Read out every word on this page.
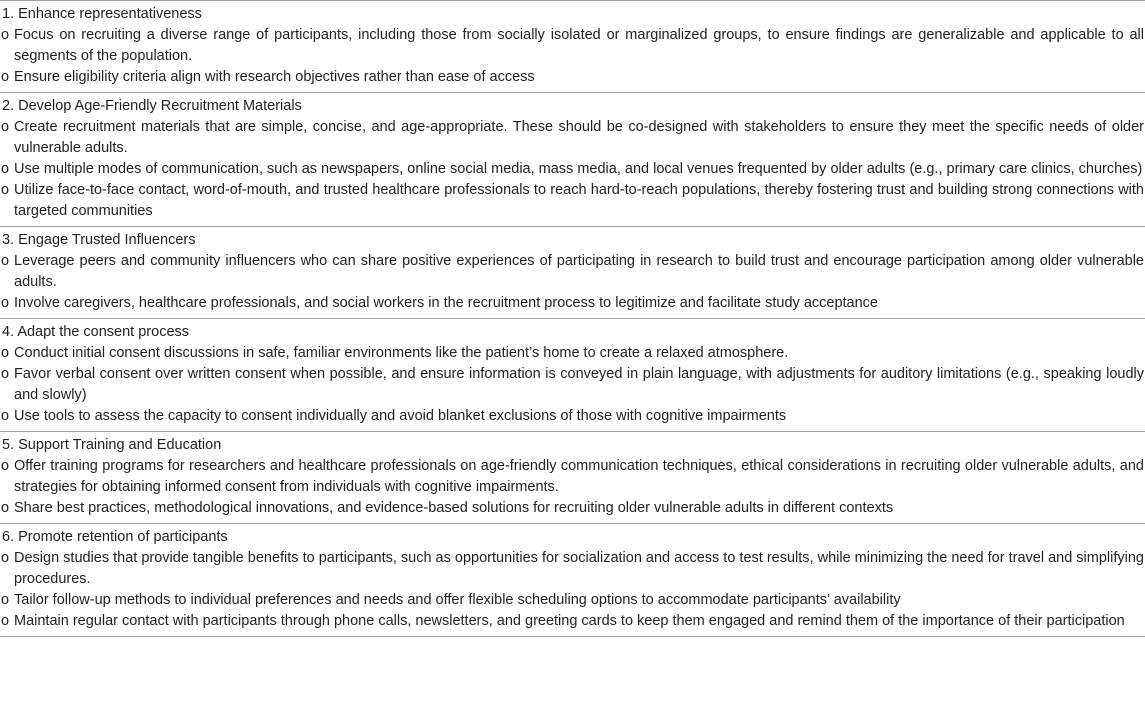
1. Enhance representativeness
o Focus on recruiting a diverse range of participants, including those from socially isolated or marginalized groups, to ensure findings are generalizable and applicable to all segments of the population.
o Ensure eligibility criteria align with research objectives rather than ease of access
2. Develop Age-Friendly Recruitment Materials
o Create recruitment materials that are simple, concise, and age-appropriate. These should be co-designed with stakeholders to ensure they meet the specific needs of older vulnerable adults.
o Use multiple modes of communication, such as newspapers, online social media, mass media, and local venues frequented by older adults (e.g., primary care clinics, churches)
o Utilize face-to-face contact, word-of-mouth, and trusted healthcare professionals to reach hard-to-reach populations, thereby fostering trust and building strong connections with targeted communities
3. Engage Trusted Influencers
o Leverage peers and community influencers who can share positive experiences of participating in research to build trust and encourage participation among older vulnerable adults.
o Involve caregivers, healthcare professionals, and social workers in the recruitment process to legitimize and facilitate study acceptance
4. Adapt the consent process
o Conduct initial consent discussions in safe, familiar environments like the patient’s home to create a relaxed atmosphere.
o Favor verbal consent over written consent when possible, and ensure information is conveyed in plain language, with adjustments for auditory limitations (e.g., speaking loudly and slowly)
o Use tools to assess the capacity to consent individually and avoid blanket exclusions of those with cognitive impairments
5. Support Training and Education
o Offer training programs for researchers and healthcare professionals on age-friendly communication techniques, ethical considerations in recruiting older vulnerable adults, and strategies for obtaining informed consent from individuals with cognitive impairments.
o Share best practices, methodological innovations, and evidence-based solutions for recruiting older vulnerable adults in different contexts
6. Promote retention of participants
o Design studies that provide tangible benefits to participants, such as opportunities for socialization and access to test results, while minimizing the need for travel and simplifying procedures.
o Tailor follow-up methods to individual preferences and needs and offer flexible scheduling options to accommodate participants’ availability
o Maintain regular contact with participants through phone calls, newsletters, and greeting cards to keep them engaged and remind them of the importance of their participation
